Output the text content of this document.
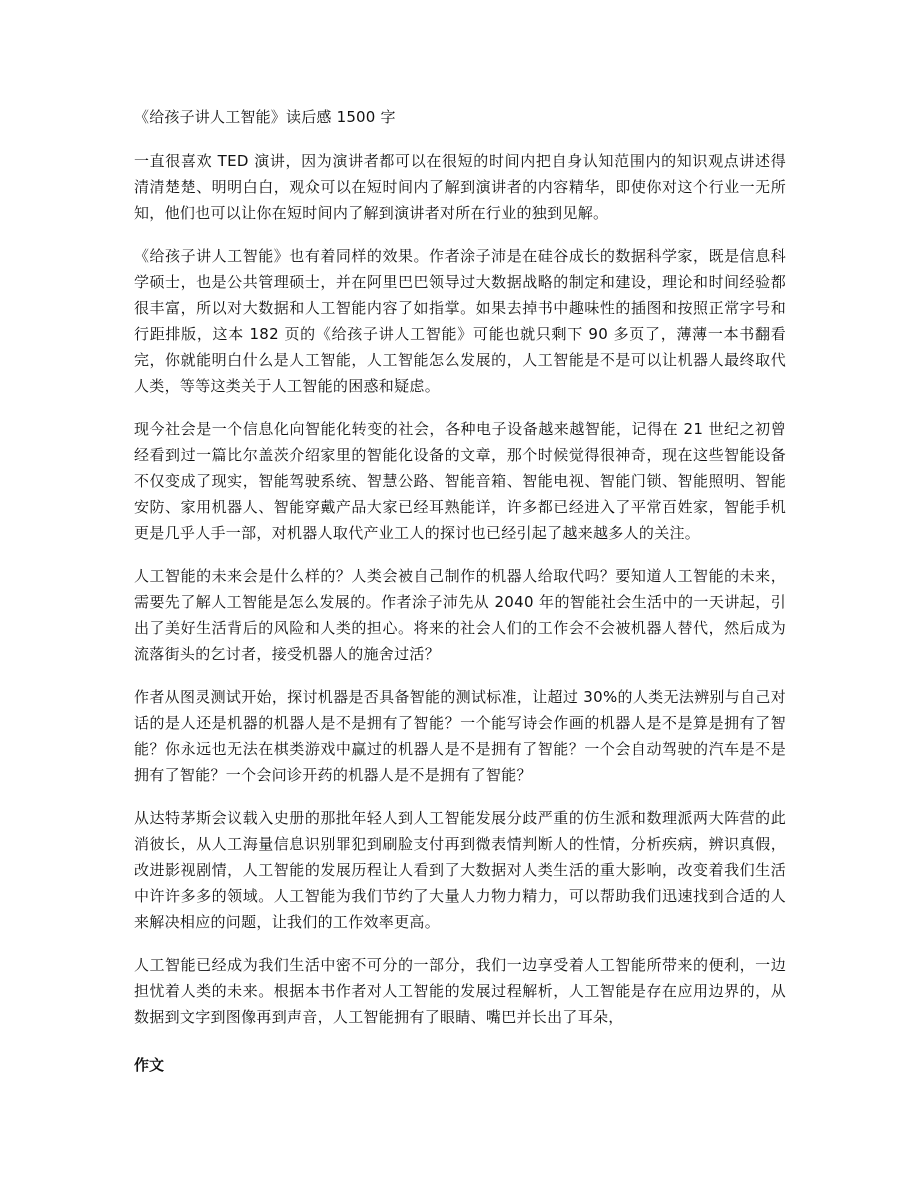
《给孩子讲人工智能》读后感 1500 字

一直很喜欢 TED 演讲，因为演讲者都可以在很短的时间内把自身认知范围内的知识观点讲述得清清楚楚、明明白白，观众可以在短时间内了解到演讲者的内容精华，即使你对这个行业一无所知，他们也可以让你在短时间内了解到演讲者对所在行业的独到见解。

《给孩子讲人工智能》也有着同样的效果。作者涂子沛是在硅谷成长的数据科学家，既是信息科学硕士，也是公共管理硕士，并在阿里巴巴领导过大数据战略的制定和建设，理论和时间经验都很丰富，所以对大数据和人工智能内容了如指掌。如果去掉书中趣味性的插图和按照正常字号和行距排版，这本 182 页的《给孩子讲人工智能》可能也就只剩下 90 多页了，薄薄一本书翻看完，你就能明白什么是人工智能，人工智能怎么发展的，人工智能是不是可以让机器人最终取代人类，等等这类关于人工智能的困惑和疑虑。

现今社会是一个信息化向智能化转变的社会，各种电子设备越来越智能，记得在 21 世纪之初曾经看到过一篇比尔盖茨介绍家里的智能化设备的文章，那个时候觉得很神奇，现在这些智能设备不仅变成了现实，智能驾驶系统、智慧公路、智能音箱、智能电视、智能门锁、智能照明、智能安防、家用机器人、智能穿戴产品大家已经耳熟能详，许多都已经进入了平常百姓家，智能手机更是几乎人手一部，对机器人取代产业工人的探讨也已经引起了越来越多人的关注。

人工智能的未来会是什么样的？人类会被自己制作的机器人给取代吗？要知道人工智能的未来，需要先了解人工智能是怎么发展的。作者涂子沛先从 2040 年的智能社会生活中的一天讲起，引出了美好生活背后的风险和人类的担心。将来的社会人们的工作会不会被机器人替代，然后成为流落街头的乞讨者，接受机器人的施舍过活？

作者从图灵测试开始，探讨机器是否具备智能的测试标准，让超过 30%的人类无法辨别与自己对话的是人还是机器的机器人是不是拥有了智能？一个能写诗会作画的机器人是不是算是拥有了智能？你永远也无法在棋类游戏中赢过的机器人是不是拥有了智能？一个会自动驾驶的汽车是不是拥有了智能？一个会问诊开药的机器人是不是拥有了智能？

从达特茅斯会议载入史册的那批年轻人到人工智能发展分歧严重的仿生派和数理派两大阵营的此消彼长，从人工海量信息识别罪犯到刷脸支付再到微表情判断人的性情，分析疾病，辨识真假，改进影视剧情，人工智能的发展历程让人看到了大数据对人类生活的重大影响，改变着我们生活中许许多多的领域。人工智能为我们节约了大量人力物力精力，可以帮助我们迅速找到合适的人来解决相应的问题，让我们的工作效率更高。

人工智能已经成为我们生活中密不可分的一部分，我们一边享受着人工智能所带来的便利，一边担忧着人类的未来。根据本书作者对人工智能的发展过程解析，人工智能是存在应用边界的，从数据到文字到图像再到声音，人工智能拥有了眼睛、嘴巴并长出了耳朵，

作文
